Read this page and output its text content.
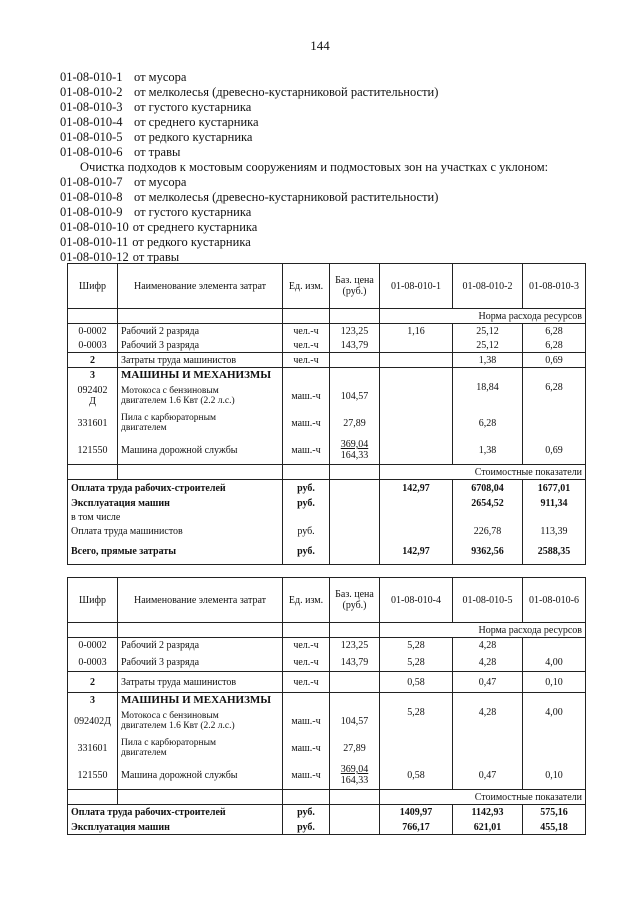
144
01-08-010-1 от мусора
01-08-010-2 от мелколесья (древесно-кустарниковой растительности)
01-08-010-3 от густого кустарника
01-08-010-4 от среднего кустарника
01-08-010-5 от редкого кустарника
01-08-010-6 от травы
Очистка подходов к мостовым сооружениям и подмостовых зон на участках с уклоном:
01-08-010-7 от мусора
01-08-010-8 от мелколесья (древесно-кустарниковой растительности)
01-08-010-9 от густого кустарника
01-08-010-10 от среднего кустарника
01-08-010-11 от редкого кустарника
01-08-010-12 от травы
Шифр	Наименование элемента затрат	Ед. изм.	Баз. цена (руб.)	01-08-010-1	01-08-010-2	01-08-010-3
				Норма расхода ресурсов		
0-0002	Рабочий 2 разряда	чел.-ч	123,25	1,16	25,12	6,28
0-0003	Рабочий 3 разряда	чел.-ч	143,79		25,12	6,28
2	Затраты труда машинистов	чел.-ч			1,38	0,69
3	МАШИНЫ И МЕХАНИЗМЫ					
092402
Д	Мотокоса с бензиновым
двигателем 1.6 Квт (2.2 л.с.)	маш.-ч	104,57		18,84	6,28
331601	Пила с карбюраторным
двигателем	маш.-ч	27,89		6,28	
121550	Машина дорожной службы	маш.-ч	369,04
164,33		1,38	0,69
				Стоимостные показатели		
Оплата труда рабочих-строителей		руб.		142,97	6708,04	1677,01
Эксплуатация машин		руб.			2654,52	911,34
в том числе						
Оплата труда машинистов		руб.			226,78	113,39
Всего, прямые затраты		руб.		142,97	9362,56	2588,35
Шифр	Наименование элемента затрат	Ед. изм.	Баз. цена (руб.)	01-08-010-4	01-08-010-5	01-08-010-6
				Норма расхода ресурсов		
0-0002	Рабочий 2 разряда	чел.-ч	123,25	5,28	4,28	
0-0003	Рабочий 3 разряда	чел.-ч	143,79	5,28	4,28	4,00
2	Затраты труда машинистов	чел.-ч		0,58	0,47	0,10
3	МАШИНЫ И МЕХАНИЗМЫ					
092402Д	Мотокоса с бензиновым
двигателем 1.6 Квт (2.2 л.с.)	маш.-ч	104,57	5,28	4,28	4,00
331601	Пила с карбюраторным
двигателем	маш.-ч	27,89			
121550	Машина дорожной службы	маш.-ч	369,04
164,33	0,58	0,47	0,10
				Стоимостные показатели		
Оплата труда рабочих-строителей		руб.		1409,97	1142,93	575,16
Эксплуатация машин		руб.		766,17	621,01	455,18
